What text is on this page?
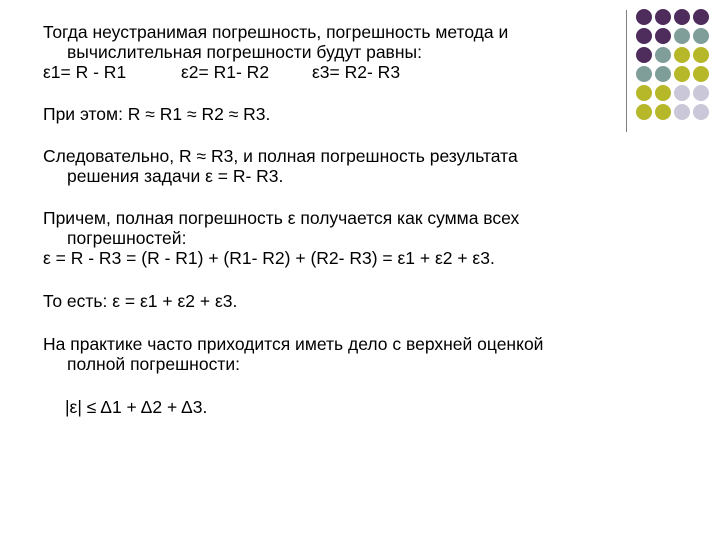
Тогда неустранимая погрешность, погрешность метода и

вычислительная погрешности будут равны:

ε1= R - R1	ε2= R1- R2 ε3= R2- R3

При этом: R ≈ R1 ≈ R2 ≈ R3.

Следовательно, R ≈ R3, и полная погрешность результата

решения задачи ε = R- R3.

Причем, полная погрешность ε получается как сумма всех

погрешностей:

ε = R - R3 = (R - R1) + (R1- R2) + (R2- R3) = ε1 + ε2 + ε3.

То есть: ε = ε1 + ε2 + ε3.

На практике часто приходится иметь дело с верхней оценкой

полной погрешности:

|ε| ≤ Δ1 + Δ2 + Δ3.
